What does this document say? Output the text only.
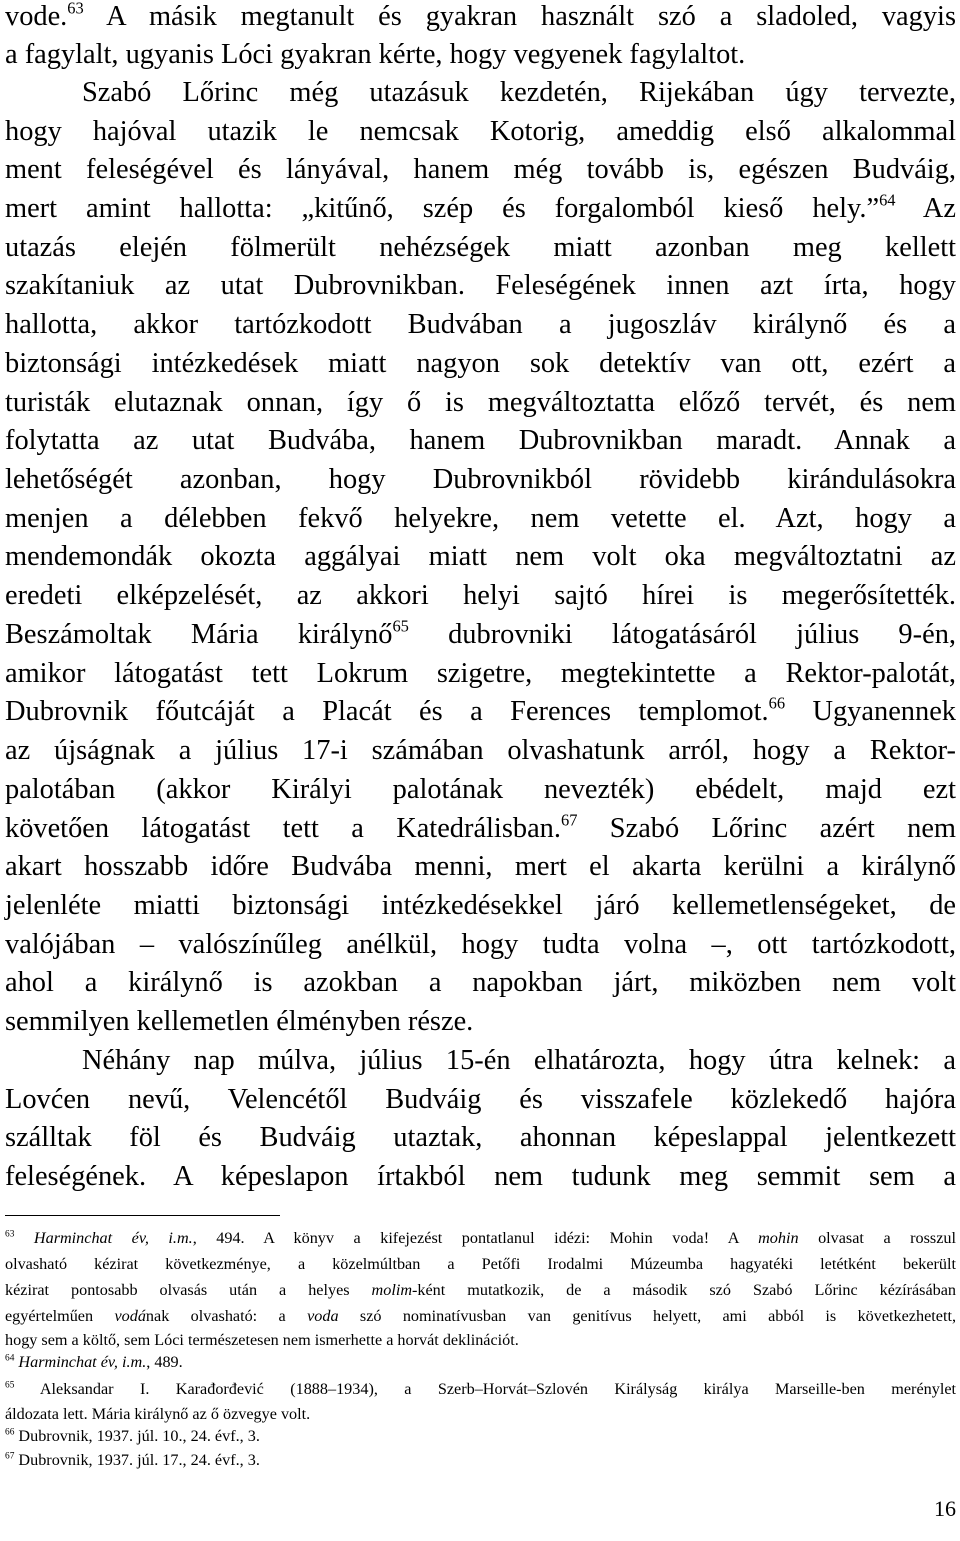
vode.$^{63}$ A másik megtanult és gyakran használt szó a sladoled, vagyis
a fagylalt, ugyanis Lóci gyakran kérte, hogy vegyenek fagylaltot.
Szabó Lőrinc még utazásuk kezdetén, Rijekában úgy tervezte,
hogy hajóval utazik le nemcsak Kotorig, ameddig első alkalommal
ment feleségével és lányával, hanem még tovább is, egészen Budváig,
mert amint hallotta: „kitűnő, szép és forgalomból kieső hely.”$^{64}$ Az
utazás elején fölmerült nehézségek miatt azonban meg kellett
szakítaniuk az utat Dubrovnikban. Feleségének innen azt írta, hogy
hallotta, akkor tartózkodott Budvában a jugoszláv királynő és a
biztonsági intézkedések miatt nagyon sok detektív van ott, ezért a
turisták elutaznak onnan, így ő is megváltoztatta előző tervét, és nem
folytatta az utat Budvába, hanem Dubrovnikban maradt. Annak a
lehetőségét azonban, hogy Dubrovnikból rövidebb kirándulásokra
menjen a délebben fekvő helyekre, nem vetette el. Azt, hogy a
mendemondák okozta aggályai miatt nem volt oka megváltoztatni az
eredeti elképzelését, az akkori helyi sajtó hírei is megerősítették.
Beszámoltak Mária királynő$^{65}$ dubrovniki látogatásáról július 9-én,
amikor látogatást tett Lokrum szigetre, megtekintette a Rektor-palotát,
Dubrovnik főutcáját a Placát és a Ferences templomot.$^{66}$ Ugyanennek
az újságnak a július 17-i számában olvashatunk arról, hogy a Rektor-
palotában (akkor Királyi palotának nevezték) ebédelt, majd ezt
követően látogatást tett a Katedrálisban.$^{67}$ Szabó Lőrinc azért nem
akart hosszabb időre Budvába menni, mert el akarta kerülni a királynő
jelenléte miatti biztonsági intézkedésekkel járó kellemetlenségeket, de
valójában – valószínűleg anélkül, hogy tudta volna –, ott tartózkodott,
ahol a királynő is azokban a napokban járt, miközben nem volt
semmilyen kellemetlen élményben része.
Néhány nap múlva, július 15-én elhatározta, hogy útra kelnek: a
Lovćen nevű, Velencétől Budváig és visszafele közlekedő hajóra
szálltak föl és Budváig utaztak, ahonnan képeslappal jelentkezett
feleségének. A képeslapon írtakból nem tudunk meg semmit sem a
$^{63}$ Harminchat év, i.m., 494. A könyv a kifejezést pontatlanul idézi: Mohin voda! A mohin olvasat a rosszul
olvasható kézirat következménye, a közelmúltban a Petőfi Irodalmi Múzeumba hagyatéki letétként bekerült
kézirat pontosabb olvasás után a helyes molim-ként mutatkozik, de a második szó Szabó Lőrinc kézírásában
egyértelműen vodának olvasható: a voda szó nominatívusban van genitívus helyett, ami abból is következhetett,
hogy sem a költő, sem Lóci természetesen nem ismerhette a horvát deklinációt.
$^{64}$ Harminchat év, i.m., 489.
$^{65}$ Aleksandar I. Karađorđević (1888–1934), a Szerb–Horvát–Szlovén Királyság királya Marseille-ben merénylet
áldozata lett. Mária királynő az ő özvegye volt.
$^{66}$ Dubrovnik, 1937. júl. 10., 24. évf., 3.
$^{67}$ Dubrovnik, 1937. júl. 17., 24. évf., 3.
16
